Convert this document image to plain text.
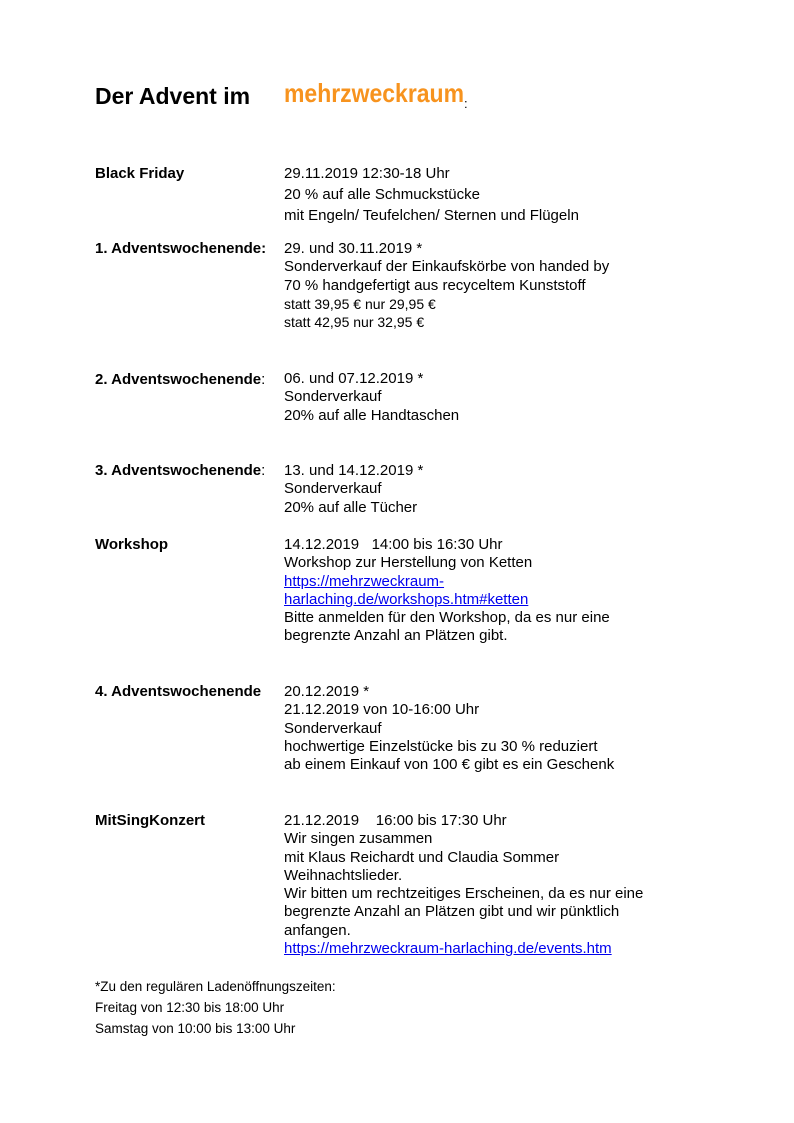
Der Advent im mehrzweckraum :
Black Friday	29.11.2019 12:30-18 Uhr
20 % auf alle Schmuckstücke
mit Engeln/ Teufelchen/ Sternen und Flügeln
1. Adventswochenende: 29. und 30.11.2019 *
Sonderverkauf der Einkaufskörbe von handed by
70 % handgefertigt aus recyceltem Kunststoff
statt 39,95 € nur 29,95 €
statt 42,95 nur 32,95 €
2. Adventswochenende: 06. und 07.12.2019 *
Sonderverkauf
20% auf alle Handtaschen
3. Adventswochenende: 13. und 14.12.2019 *
Sonderverkauf
20% auf alle Tücher
Workshop	14.12.2019   14:00 bis 16:30 Uhr
Workshop zur Herstellung von Ketten
https://mehrzweckraum-
harlaching.de/workshops.htm#ketten
Bitte anmelden für den Workshop, da es nur eine
begrenzte Anzahl an Plätzen gibt.
4. Adventswochenende 20.12.2019 *
21.12.2019 von 10-16:00 Uhr
Sonderverkauf
hochwertige Einzelstücke bis zu 30 % reduziert
ab einem Einkauf von 100 € gibt es ein Geschenk
MitSingKonzert	21.12.2019    16:00 bis 17:30 Uhr
Wir singen zusammen
mit Klaus Reichardt und Claudia Sommer
Weihnachtslieder.
Wir bitten um rechtzeitiges Erscheinen, da es nur eine
begrenzte Anzahl an Plätzen gibt und wir pünktlich
anfangen.
https://mehrzweckraum-harlaching.de/events.htm
*Zu den regulären Ladenöffnungszeiten:
Freitag von 12:30 bis 18:00 Uhr
Samstag von 10:00 bis 13:00 Uhr
